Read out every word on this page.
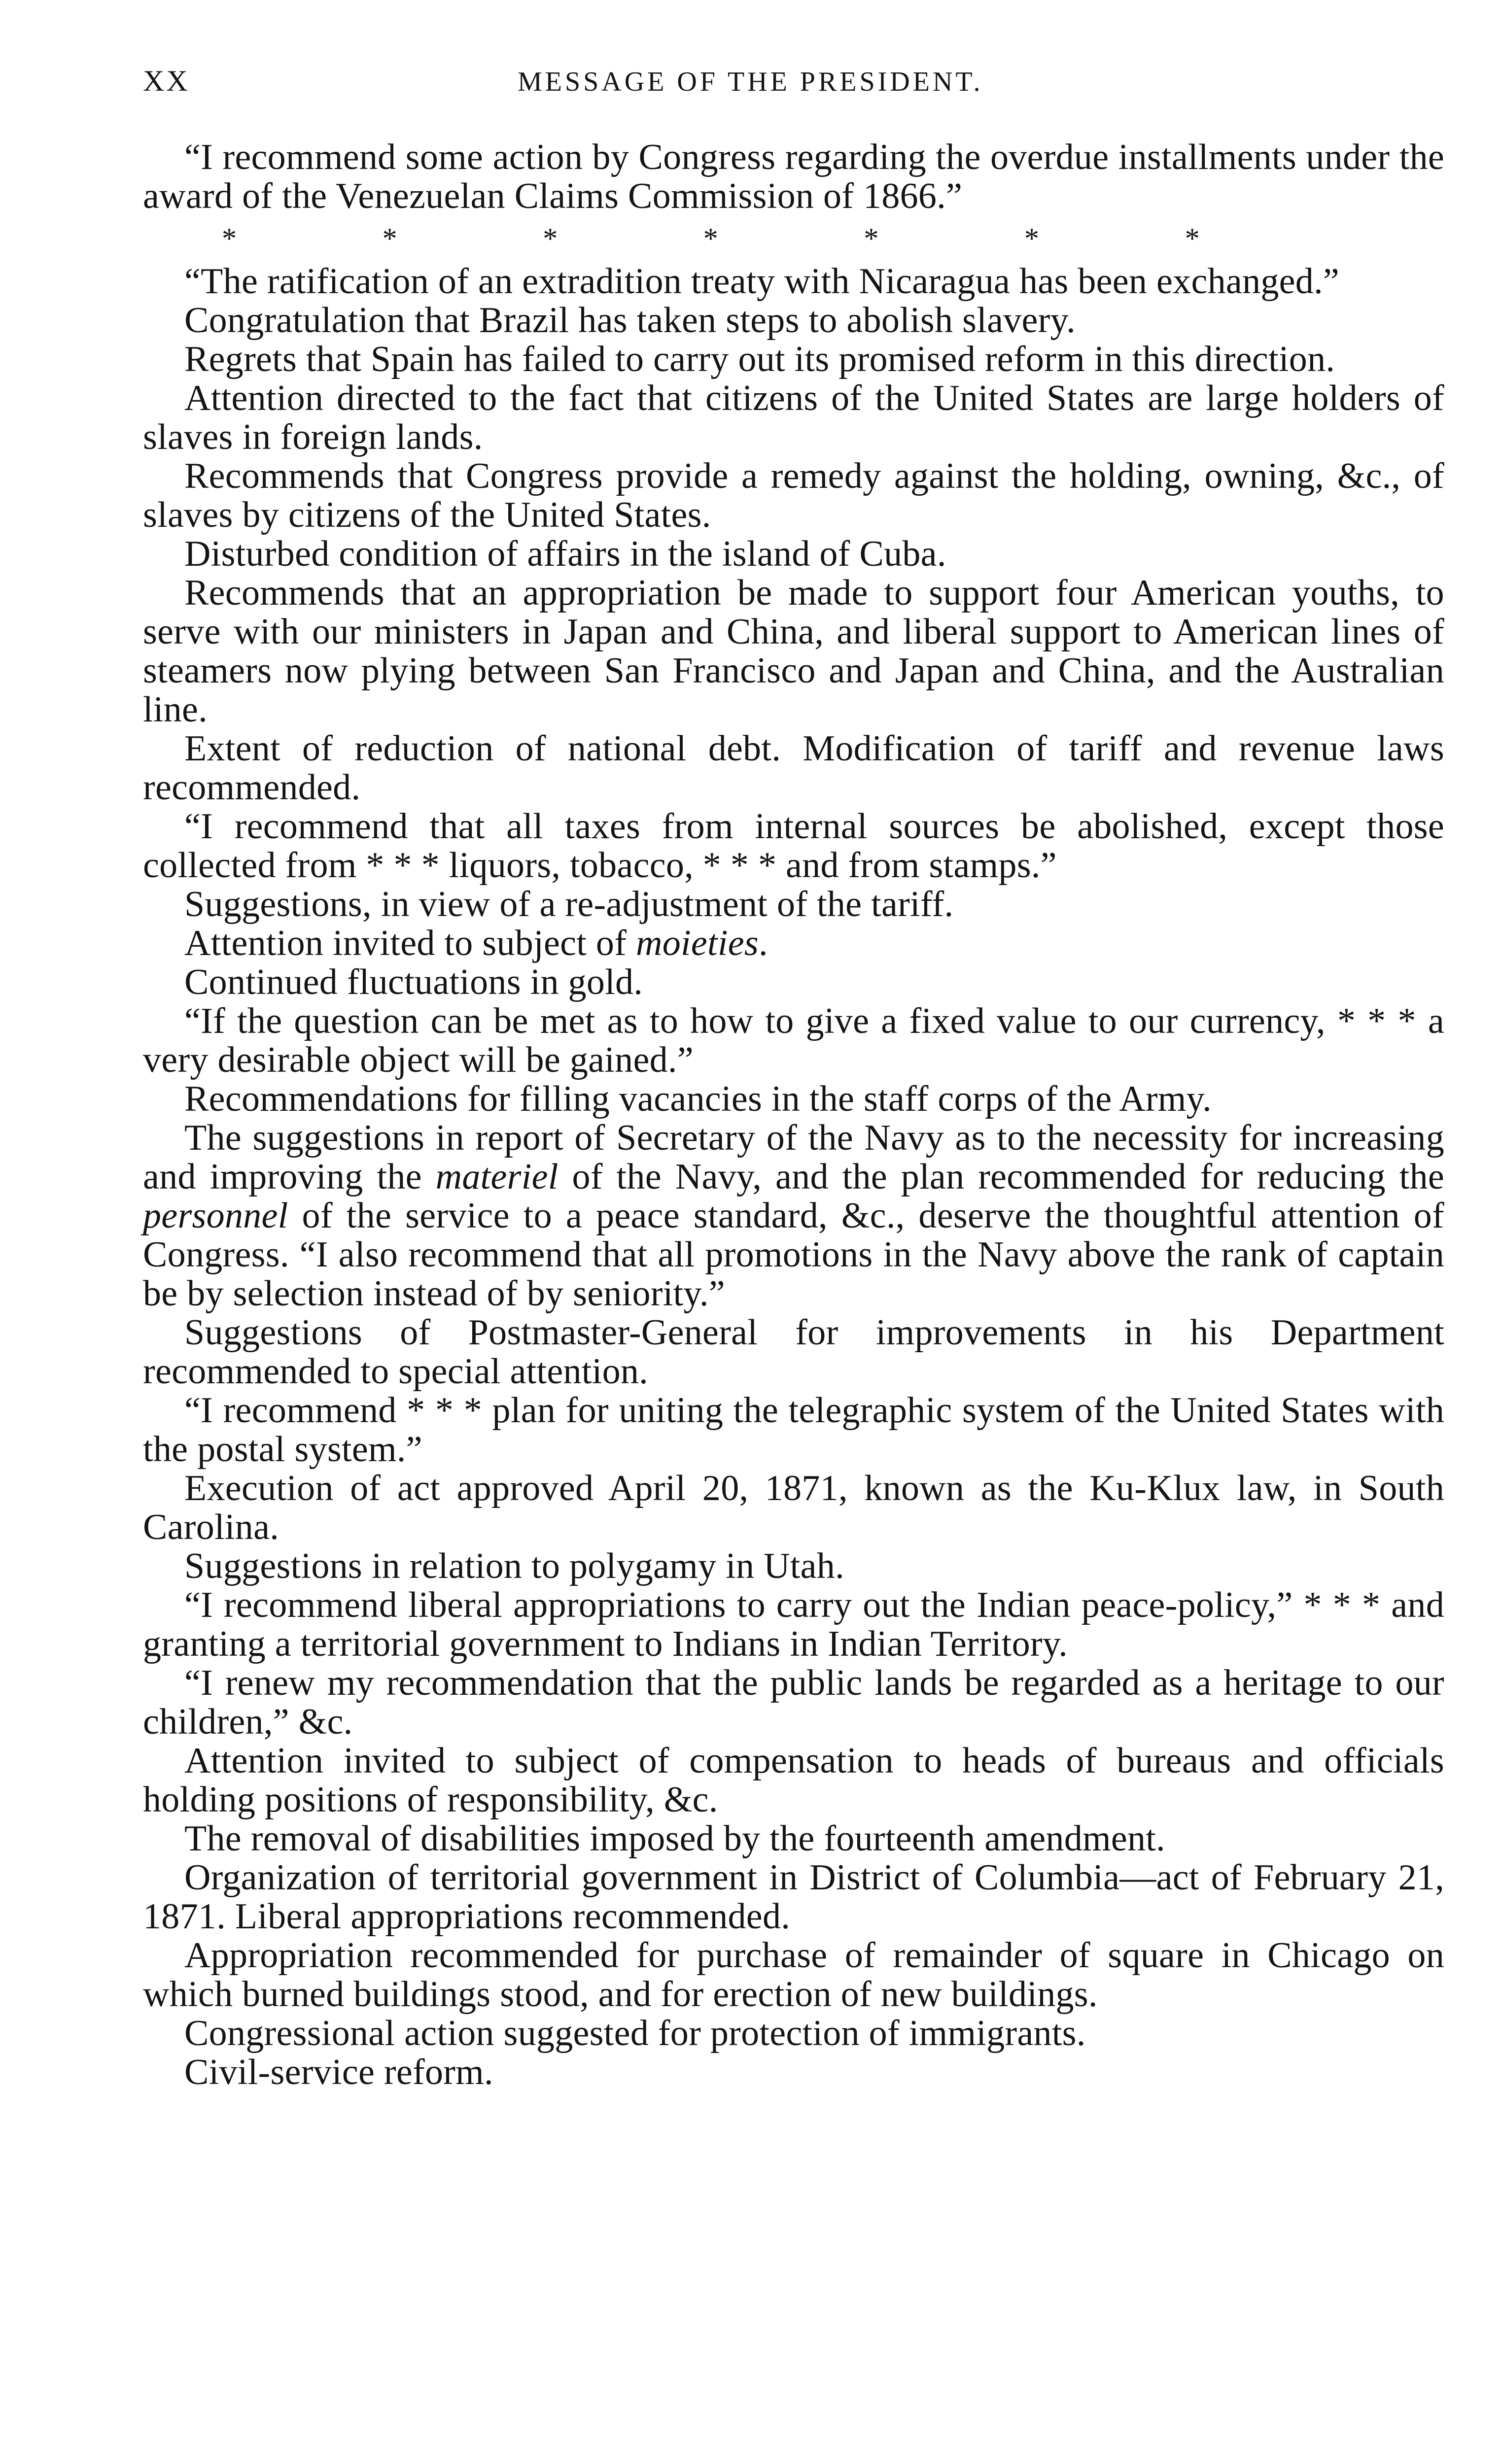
XX	MESSAGE OF THE PRESIDENT.

“I recommend some action by Congress regarding the overdue installments under the award of the Venezuelan Claims Commission of 1866.”

* * * * * * *

“The ratification of an extradition treaty with Nicaragua has been exchanged.”

Congratulation that Brazil has taken steps to abolish slavery.

Regrets that Spain has failed to carry out its promised reform in this direction.

Attention directed to the fact that citizens of the United States are large holders of slaves in foreign lands.

Recommends that Congress provide a remedy against the holding, owning, &c., of slaves by citizens of the United States.

Disturbed condition of affairs in the island of Cuba.

Recommends that an appropriation be made to support four American youths, to serve with our ministers in Japan and China, and liberal support to American lines of steamers now plying between San Francisco and Japan and China, and the Australian line.

Extent of reduction of national debt. Modification of tariff and revenue laws recommended.

“I recommend that all taxes from internal sources be abolished, except those collected from * * * liquors, tobacco, * * * and from stamps.”

Suggestions, in view of a re-adjustment of the tariff.

Attention invited to subject of moieties.

Continued fluctuations in gold.

“If the question can be met as to how to give a fixed value to our currency, * * * a very desirable object will be gained.”

Recommendations for filling vacancies in the staff corps of the Army.

The suggestions in report of Secretary of the Navy as to the necessity for increasing and improving the materiel of the Navy, and the plan recommended for reducing the personnel of the service to a peace standard, &c., deserve the thoughtful attention of Congress. “I also recommend that all promotions in the Navy above the rank of captain be by selection instead of by seniority.”

Suggestions of Postmaster-General for improvements in his Department recommended to special attention.

“I recommend * * * plan for uniting the telegraphic system of the United States with the postal system.”

Execution of act approved April 20, 1871, known as the Ku-Klux law, in South Carolina.

Suggestions in relation to polygamy in Utah.

“I recommend liberal appropriations to carry out the Indian peace-policy,” * * * and granting a territorial government to Indians in Indian Territory.

“I renew my recommendation that the public lands be regarded as a heritage to our children,” &c.

Attention invited to subject of compensation to heads of bureaus and officials holding positions of responsibility, &c.

The removal of disabilities imposed by the fourteenth amendment.

Organization of territorial government in District of Columbia—act of February 21, 1871. Liberal appropriations recommended.

Appropriation recommended for purchase of remainder of square in Chicago on which burned buildings stood, and for erection of new buildings.

Congressional action suggested for protection of immigrants.

Civil-service reform.
